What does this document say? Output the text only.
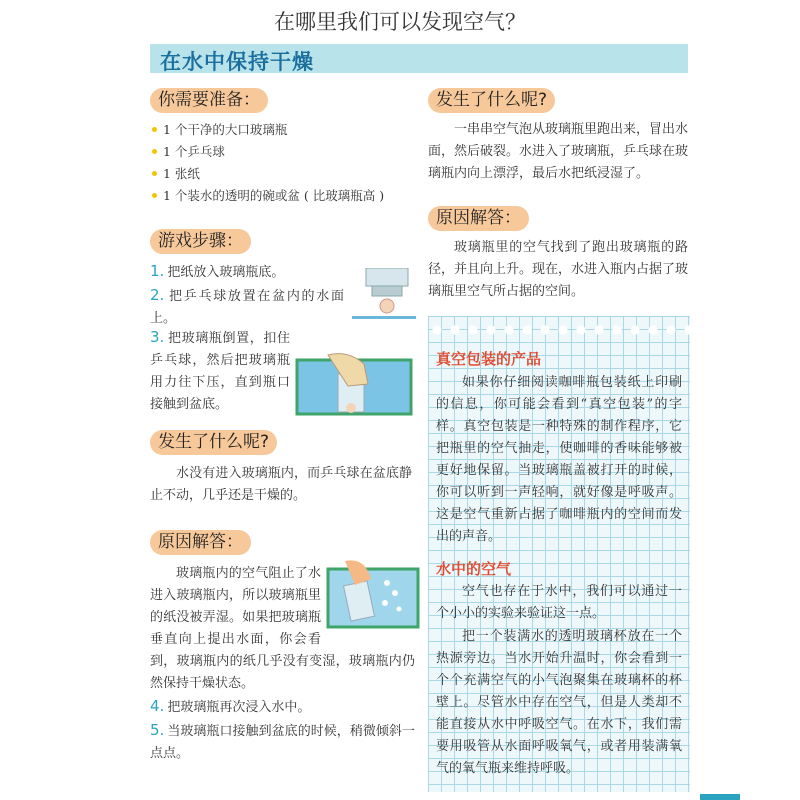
在哪里我们可以发现空气？
在水中保持干燥
你需要准备：
1 个干净的大口玻璃瓶
1 个乒乓球
1 张纸
1 个装水的透明的碗或盆 ( 比玻璃瓶高 )
游戏步骤：
1. 把纸放入玻璃瓶底。
2. 把乒乓球放置在盆内的水面上。
3. 把玻璃瓶倒置，扣住乒乓球，然后把玻璃瓶用力往下压，直到瓶口接触到盆底。
发生了什么呢?
水没有进入玻璃瓶内，而乒乓球在盆底静止不动，几乎还是干燥的。
原因解答：

玻璃瓶内的空气阻止了水进入玻璃瓶内，所以玻璃瓶里的纸没被弄湿。如果把玻璃瓶垂直向上提出水面，你会看到，玻璃瓶内的纸几乎没有变湿，玻璃瓶内仍然保持干燥状态。

4. 把玻璃瓶再次浸入水中。
5. 当玻璃瓶口接触到盆底的时候，稍微倾斜一点点。
发生了什么呢?
一串串空气泡从玻璃瓶里跑出来，冒出水面，然后破裂。水进入了玻璃瓶，乒乓球在玻璃瓶内向上漂浮，最后水把纸浸湿了。
原因解答：
玻璃瓶里的空气找到了跑出玻璃瓶的路径，并且向上升。现在，水进入瓶内占据了玻璃瓶里空气所占据的空间。
真空包装的产品
如果你仔细阅读咖啡瓶包装纸上印刷的信息，你可能会看到“真空包装”的字样。真空包装是一种特殊的制作程序，它把瓶里的空气抽走，使咖啡的香味能够被更好地保留。当玻璃瓶盖被打开的时候，你可以听到一声轻响，就好像是呼吸声。这是空气重新占据了咖啡瓶内的空间而发出的声音。
水中的空气
空气也存在于水中，我们可以通过一个小小的实验来验证这一点。
把一个装满水的透明玻璃杯放在一个热源旁边。当水开始升温时，你会看到一个个充满空气的小气泡聚集在玻璃杯的杯壁上。尽管水中存在空气，但是人类却不能直接从水中呼吸空气。在水下，我们需要用吸管从水面呼吸氧气，或者用装满氧气的氧气瓶来维持呼吸。
